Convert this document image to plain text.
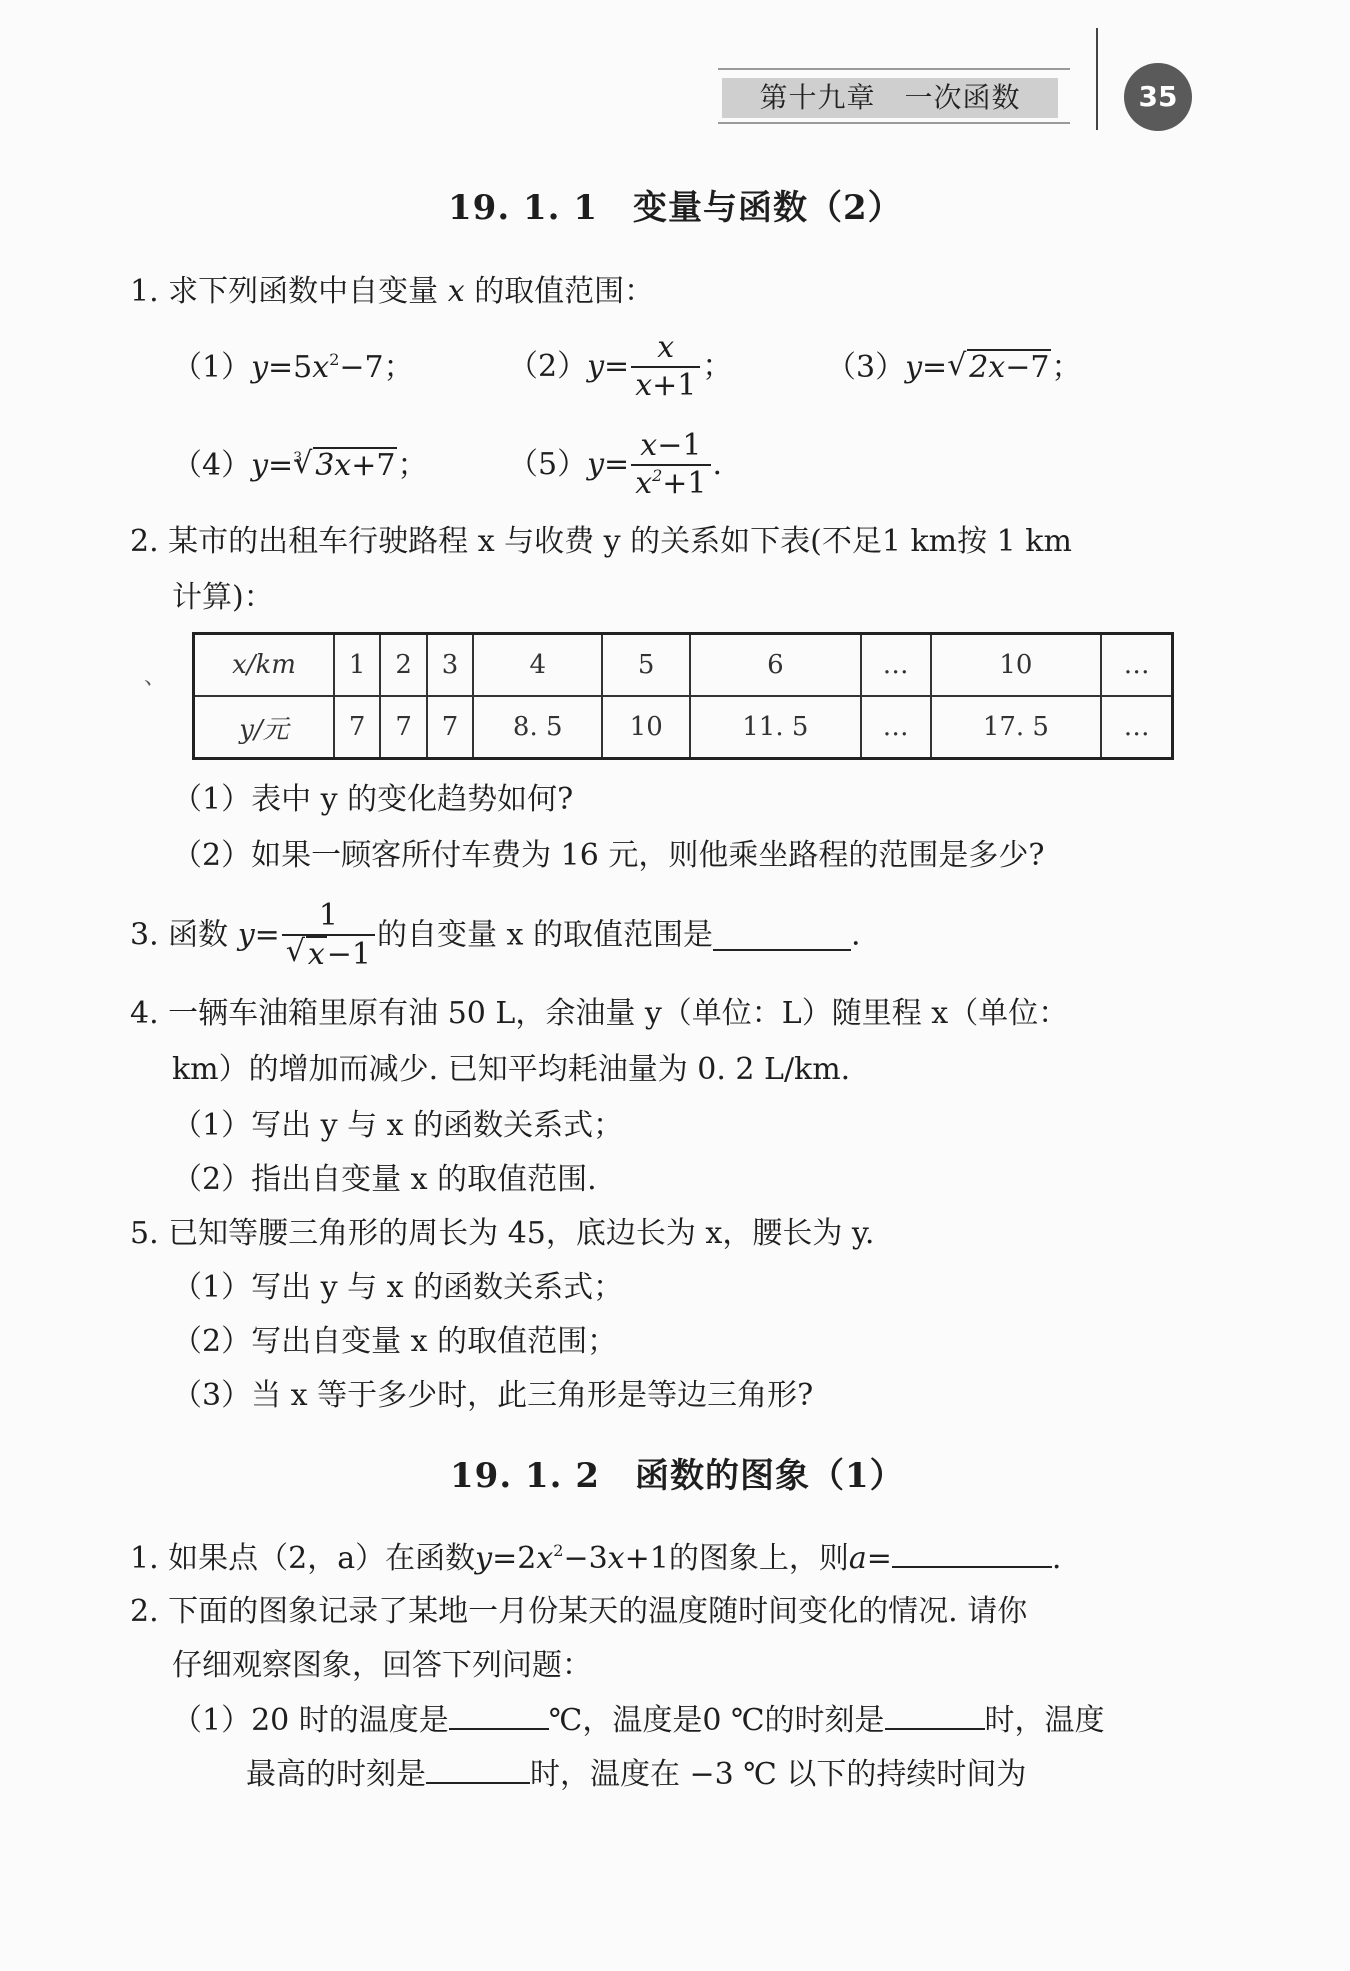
第十九章　一次函数	35
19. 1. 1　变量与函数（2）
1. 求下列函数中自变量 x 的取值范围：
$(1)y=5x^2-7$；	$(2)y= \frac{x}{x+1}$ ；	（3）y= √ 2x−7；
（4）y= √ 3 3x+7；	$(5)y= \frac{x-1}{x^2+1}$ .
2. 某市的出租车行驶路程 x 与收费 y 的关系如下表(不足1 km按 1 km
计算)：
、	x/km	1	2	3	4	5	6	…	10	…
y/元	7	7	7	8. 5	10	11. 5	…	17. 5	…
（1）表中 y 的变化趋势如何?
（2）如果一顾客所付车费为 16 元，则他乘坐路程的范围是多少?
3. 函数 y= 1
√ x−1 的自变量 x 的取值范围是	.
4. 一辆车油箱里原有油 50 L，余油量 y（单位：L）随里程 x（单位：
km）的增加而减少. 已知平均耗油量为 0. 2 L/km.
（1）写出 y 与 x 的函数关系式；
（2）指出自变量 x 的取值范围.
5. 已知等腰三角形的周长为 45，底边长为 x，腰长为 y.
（1）写出 y 与 x 的函数关系式；
（2）写出自变量 x 的取值范围；
（3）当 x 等于多少时，此三角形是等边三角形?
19. 1. 2　函数的图象（1）
1. 如果点（2，a）在函数$y=2x^2-3x+1$的图象上，则a=	.
2. 下面的图象记录了某地一月份某天的温度随时间变化的情况. 请你
仔细观察图象，回答下列问题：
（1）20 时的温度是	℃，温度是0 ℃的时刻是	时，温度
最高的时刻是	时，温度在 −3 ℃ 以下的持续时间为
